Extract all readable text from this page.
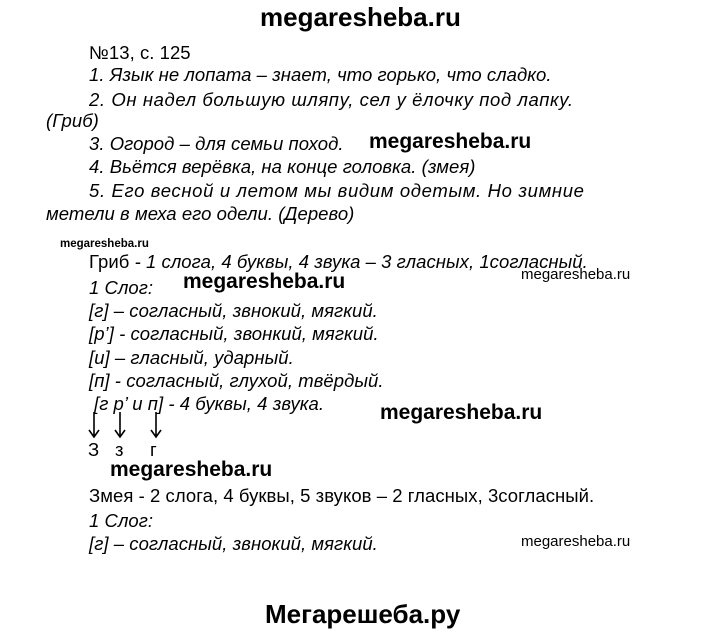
megaresheba.ru
№13, с. 125
1. Язык не лопата – знает, что горько, что сладко.
2. Он надел большую шляпу, сел у ёлочку под лапку.
(Гриб)
3. Огород – для семьи поход. megaresheba.ru
4. Вьётся верёвка, на конце головка. (змея)
5. Его весной и летом мы видим одетым. Но зимние
метели в меха его одели. (Дерево)
megaresheba.ru
Гриб - 1 слога, 4 буквы, 4 звука – 3 гласных, 1согласный.
megaresheba.ru	megaresheba.ru
1 Слог:
[г] – согласный, звнокий, мягкий.
[р’] - согласный, звонкий, мягкий.
[и] – гласный, ударный.
[п] - согласный, глухой, твёрдый.
[г р’ и п] - 4 буквы, 4 звука.	megaresheba.ru
З з г
megaresheba.ru
Змея - 2 слога, 4 буквы, 5 звуков – 2 гласных, 3согласный.
1 Слог:
[г] – согласный, звнокий, мягкий.	megaresheba.ru
Мегарешеба.ру
